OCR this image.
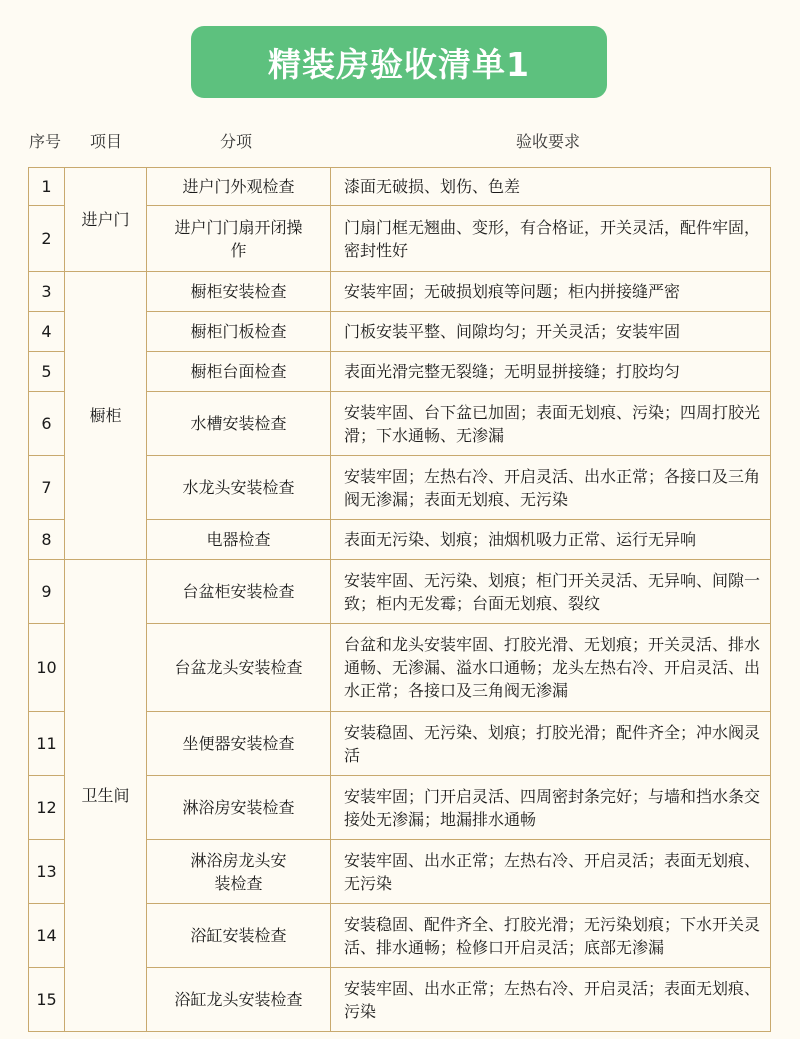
精装房验收清单1
序号 项目	分项	验收要求
1	进户门	进户门外观检查	漆面无破损、划伤、色差
2		进户门门扇开闭操作	门扇门框无翘曲、变形，有合格证，开关灵活，配件牢固，密封性好
3	橱柜	橱柜安装检查	安装牢固；无破损划痕等问题；柜内拼接缝严密
4		橱柜门板检查	门板安装平整、间隙均匀；开关灵活；安装牢固
5		橱柜台面检查	表面光滑完整无裂缝；无明显拼接缝；打胶均匀
6		水槽安装检查	安装牢固、台下盆已加固；表面无划痕、污染；四周打胶光滑；下水通畅、无渗漏
7		水龙头安装检查	安装牢固；左热右冷、开启灵活、出水正常；各接口及三角阀无渗漏；表面无划痕、无污染
8		电器检查	表面无污染、划痕；油烟机吸力正常、运行无异响
9	卫生间	台盆柜安装检查	安装牢固、无污染、划痕；柜门开关灵活、无异响、间隙一致；柜内无发霉；台面无划痕、裂纹
10		台盆龙头安装检查	台盆和龙头安装牢固、打胶光滑、无划痕；开关灵活、排水通畅、无渗漏、溢水口通畅；龙头左热右冷、开启灵活、出水正常；各接口及三角阀无渗漏
11		坐便器安装检查	安装稳固、无污染、划痕；打胶光滑；配件齐全；冲水阀灵活
12		淋浴房安装检查	安装牢固；门开启灵活、四周密封条完好；与墙和挡水条交接处无渗漏；地漏排水通畅
13		淋浴房龙头安装检查	安装牢固、出水正常；左热右冷、开启灵活；表面无划痕、无污染
14		浴缸安装检查	安装稳固、配件齐全、打胶光滑；无污染划痕；下水开关灵活、排水通畅；检修口开启灵活；底部无渗漏
15		浴缸龙头安装检查	安装牢固、出水正常；左热右冷、开启灵活；表面无划痕、污染
